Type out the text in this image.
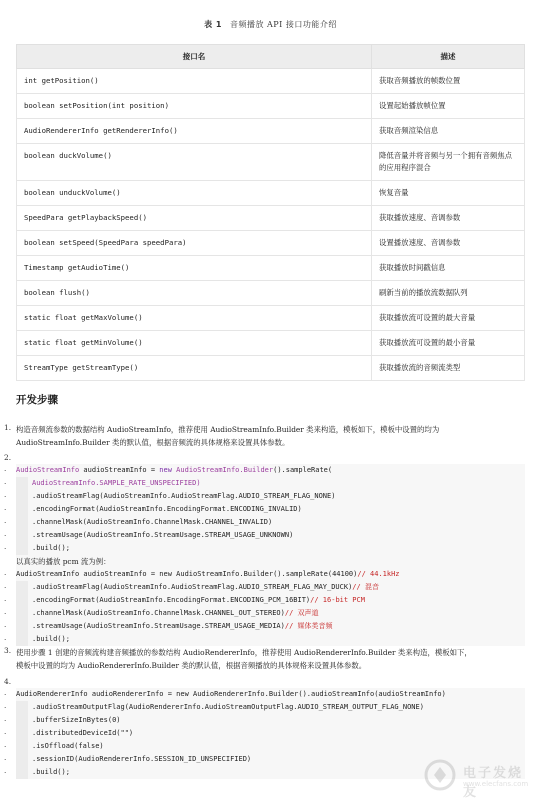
表 1 音频播放 API 接口功能介绍
接口名	描述
int getPosition()	获取音频播放的帧数位置
boolean setPosition(int position)	设置起始播放帧位置
AudioRendererInfo getRendererInfo()	获取音频渲染信息
boolean duckVolume()	降低音量并将音频与另一个拥有音频焦点的应用程序混合
boolean unduckVolume()	恢复音量
SpeedPara getPlaybackSpeed()	获取播放速度、音调参数
boolean setSpeed(SpeedPara speedPara)	设置播放速度、音调参数
Timestamp getAudioTime()	获取播放时间戳信息
boolean flush()	刷新当前的播放流数据队列
static float getMaxVolume()	获取播放流可设置的最大音量
static float getMinVolume()	获取播放流可设置的最小音量
StreamType getStreamType()	获取播放流的音频流类型
开发步骤
1. 构造音频流参数的数据结构 AudioStreamInfo，推荐使用 AudioStreamInfo.Builder 类来构造，模板如下，模板中设置的均为
AudioStreamInfo.Builder 类的默认值，根据音频流的具体规格来设置具体参数。
2.
AudioStreamInfo audioStreamInfo = new AudioStreamInfo.Builder().sampleRate(
AudioStreamInfo.SAMPLE_RATE_UNSPECIFIED)
.audioStreamFlag(AudioStreamInfo.AudioStreamFlag.AUDIO_STREAM_FLAG_NONE)
.encodingFormat(AudioStreamInfo.EncodingFormat.ENCODING_INVALID)
.channelMask(AudioStreamInfo.ChannelMask.CHANNEL_INVALID)
.streamUsage(AudioStreamInfo.StreamUsage.STREAM_USAGE_UNKNOWN)
.build();
以真实的播放 pcm 流为例：
AudioStreamInfo audioStreamInfo = new AudioStreamInfo.Builder().sampleRate(44100)// 44.1kHz
.audioStreamFlag(AudioStreamInfo.AudioStreamFlag.AUDIO_STREAM_FLAG_MAY_DUCK)// 混音
.encodingFormat(AudioStreamInfo.EncodingFormat.ENCODING_PCM_16BIT)// 16-bit PCM
.channelMask(AudioStreamInfo.ChannelMask.CHANNEL_OUT_STEREO)// 双声道
.streamUsage(AudioStreamInfo.StreamUsage.STREAM_USAGE_MEDIA)// 媒体类音频
.build();
3. 使用步骤 1 创建的音频流构建音频播放的参数结构 AudioRendererInfo，推荐使用 AudioRendererInfo.Builder 类来构造，模板如下，
模板中设置的均为 AudioRendererInfo.Builder 类的默认值，根据音频播放的具体规格来设置具体参数。
4.
AudioRendererInfo audioRendererInfo = new AudioRendererInfo.Builder().audioStreamInfo(audioStreamInfo)
.audioStreamOutputFlag(AudioRendererInfo.AudioStreamOutputFlag.AUDIO_STREAM_OUTPUT_FLAG_NONE)
.bufferSizeInBytes(0)
.distributedDeviceId("")
.isOffload(false)
.sessionID(AudioRendererInfo.SESSION_ID_UNSPECIFIED)
.build();
.
.
.
.
.
.
.
.
.
.
.
.
.
.
.
.
.
.
.
.	电子发烧友
www.elecfans.com
